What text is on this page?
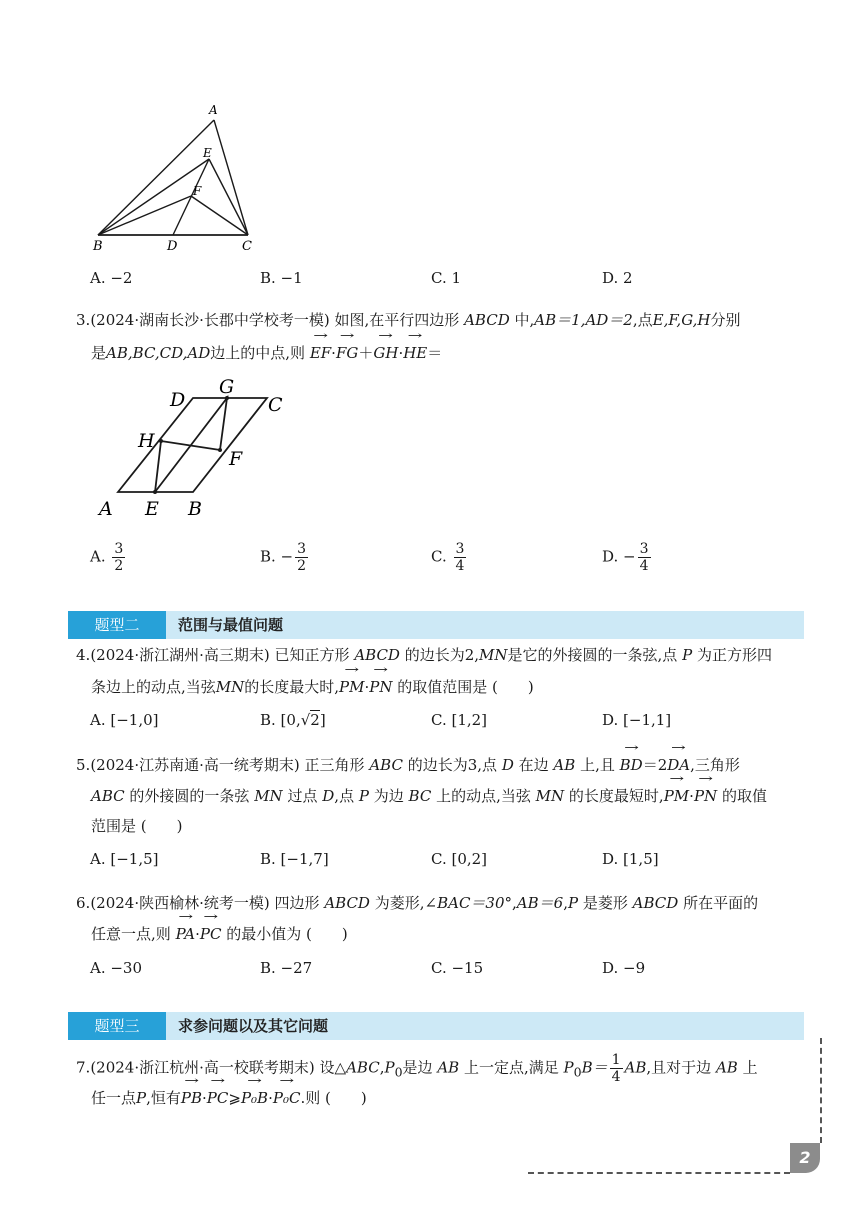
A
E
F
B	D	C
A. −2	B. −1	C. 1	D. 2
3.(2024·湖南长沙·长郡中学校考一模) 如图,在平行四边形 ABCD 中,AB＝1,AD＝2,点E,F,G,H分别
是AB,BC,CD,AD边上的中点,则 → EF·→ FG＋→ GH·→ HE＝
D
G
C
H
F
A E B
A. $\frac{3}{2}$	B. − $\frac{3}{2}$	C. $\frac{3}{4}$	D. − $\frac{3}{4}$
题型二	范围与最值问题
4.(2024·浙江湖州·高三期末) 已知正方形 ABCD 的边长为2,MN是它的外接圆的一条弦,点 P 为正方形四
条边上的动点,当弦MN的长度最大时,→ PM·→ PN 的取值范围是 (　　)
A. [−1,0]	B. [0,√2]	C. [1,2]	D. [−1,1]
5.(2024·江苏南通·高一统考期末) 正三角形 ABC 的边长为3,点 D 在边 AB 上,且 → BD＝2→ DA,三角形
ABC 的外接圆的一条弦 MN 过点 D,点 P 为边 BC 上的动点,当弦 MN 的长度最短时,→ PM·→ PN 的取值
范围是 (　　)
A. [−1,5]	B. [−1,7]	C. [0,2]	D. [1,5]
6.(2024·陕西榆林·统考一模) 四边形 ABCD 为菱形,∠BAC＝30°,AB＝6,P 是菱形 ABCD 所在平面的
任意一点,则 → PA·→ PC 的最小值为 (　　)
A. −30	B. −27	C. −15	D. −9
题型三	求参问题以及其它问题
7.(2024·浙江杭州·高一校联考期末) 设$\triangle ABC,P_0$是边 AB 上一定点,满足 $P_0B= \frac{1}{4}$ AB,且对于边 AB 上
任一点P,恒有→ PB·→ PC⩾→ P₀B·→ P₀C.则 (　　)
2
